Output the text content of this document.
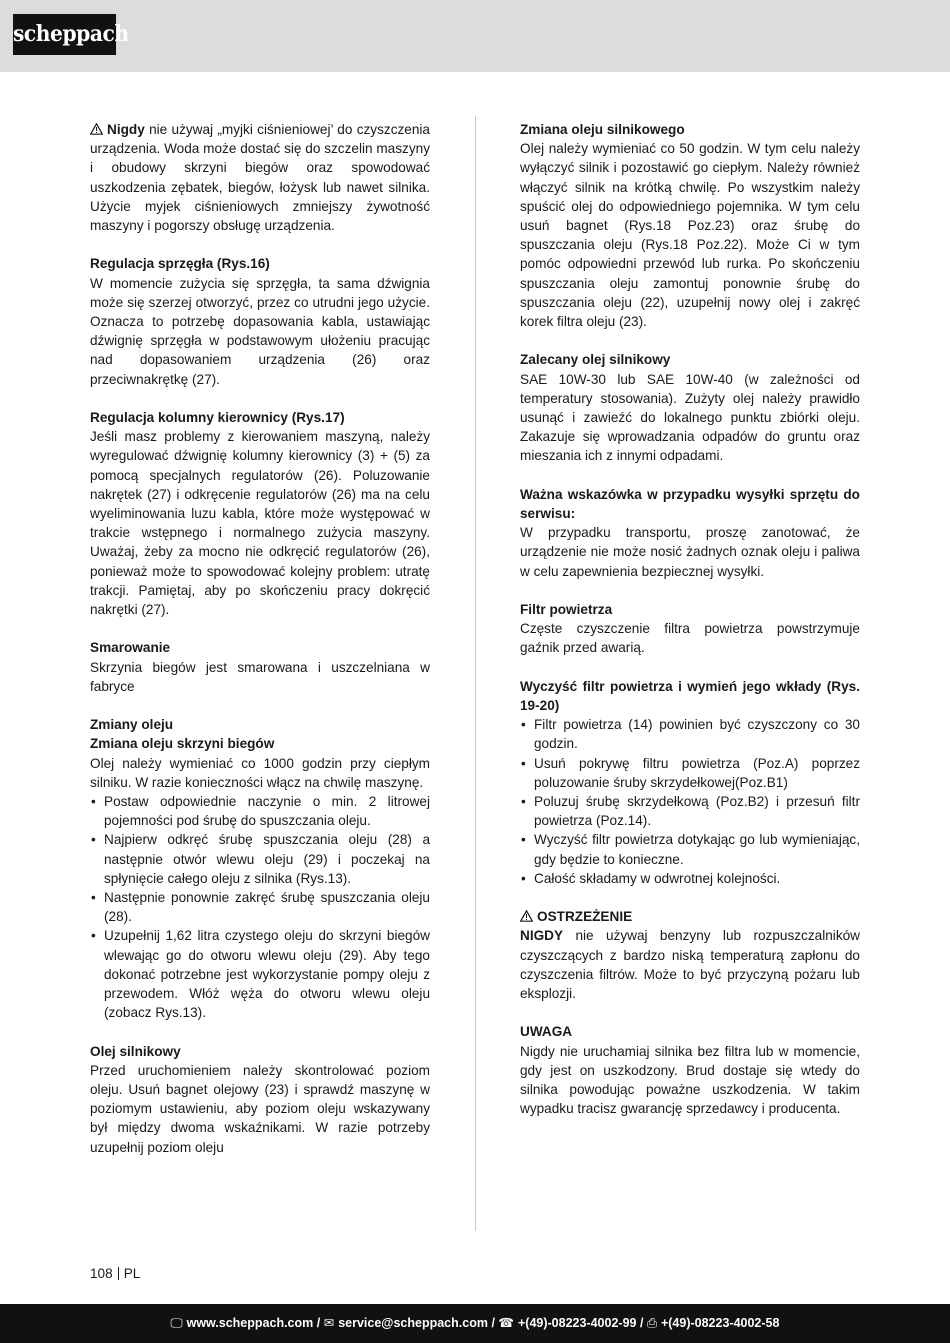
scheppach

Nigdy nie używaj „myjki ciśnieniowej’ do czyszczenia urządzenia. Woda może dostać się do szczelin maszyny i obudowy skrzyni biegów oraz spowodować uszkodzenia zębatek, biegów, łożysk lub nawet silnika. Użycie myjek ciśnieniowych zmniejszy żywotność maszyny i pogorszy obsługę urządzenia.

Regulacja sprzęgła (Rys.16)

W momencie zużycia się sprzęgła, ta sama dźwignia może się szerzej otworzyć, przez co utrudni jego użycie. Oznacza to potrzebę dopasowania kabla, ustawiając dźwignię sprzęgła w podstawowym ułożeniu pracując nad dopasowaniem urządzenia (26) oraz przeciwnakrętkę (27).

Regulacja kolumny kierownicy (Rys.17)

Jeśli masz problemy z kierowaniem maszyną, należy wyregulować dźwignię kolumny kierownicy (3) + (5) za pomocą specjalnych regulatorów (26). Poluzowanie nakrętek (27) i odkręcenie regulatorów (26) ma na celu wyeliminowania luzu kabla, które może występować w trakcie wstępnego i normalnego zużycia maszyny. Uważaj, żeby za mocno nie odkręcić regulatorów (26), ponieważ może to spowodować kolejny problem: utratę trakcji. Pamiętaj, aby po skończeniu pracy dokręcić nakrętki (27).

Smarowanie

Skrzynia biegów jest smarowana i uszczelniana w fabryce

Zmiany oleju

Zmiana oleju skrzyni biegów

Olej należy wymieniać co 1000 godzin przy ciepłym silniku. W razie konieczności włącz na chwilę maszynę.

• Postaw odpowiednie naczynie o min. 2 litrowej pojemności pod śrubę do spuszczania oleju.
• Najpierw odkręć śrubę spuszczania oleju (28) a następnie otwór wlewu oleju (29) i poczekaj na spłynięcie całego oleju z silnika (Rys.13).
• Następnie ponownie zakręć śrubę spuszczania oleju (28).
• Uzupełnij 1,62 litra czystego oleju do skrzyni biegów wlewając go do otworu wlewu oleju (29). Aby tego dokonać potrzebne jest wykorzystanie pompy oleju z przewodem. Włóż węża do otworu wlewu oleju (zobacz Rys.13).

Olej silnikowy

Przed uruchomieniem należy skontrolować poziom oleju. Usuń bagnet olejowy (23) i sprawdź maszynę w poziomym ustawieniu, aby poziom oleju wskazywany był między dwoma wskaźnikami. W razie potrzeby uzupełnij poziom oleju

Zmiana oleju silnikowego

Olej należy wymieniać co 50 godzin. W tym celu należy wyłączyć silnik i pozostawić go ciepłym. Należy również włączyć silnik na krótką chwilę. Po wszystkim należy spuścić olej do odpowiedniego pojemnika. W tym celu usuń bagnet (Rys.18 Poz.23) oraz śrubę do spuszczania oleju (Rys.18 Poz.22). Może Ci w tym pomóc odpowiedni przewód lub rurka. Po skończeniu spuszczania oleju zamontuj ponownie śrubę do spuszczania oleju (22), uzupełnij nowy olej i zakręć korek filtra oleju (23).

Zalecany olej silnikowy

SAE 10W-30 lub SAE 10W-40 (w zależności od temperatury stosowania). Zużyty olej należy prawidło usunąć i zawieźć do lokalnego punktu zbiórki oleju. Zakazuje się wprowadzania odpadów do gruntu oraz mieszania ich z innymi odpadami.

Ważna wskazówka w przypadku wysyłki sprzętu do serwisu:

W przypadku transportu, proszę zanotować, że urządzenie nie może nosić żadnych oznak oleju i paliwa w celu zapewnienia bezpiecznej wysyłki.

Filtr powietrza

Częste czyszczenie filtra powietrza powstrzymuje gaźnik przed awarią.

Wyczyść filtr powietrza i wymień jego wkłady (Rys. 19-20)

• Filtr powietrza (14) powinien być czyszczony co 30 godzin.
• Usuń pokrywę filtru powietrza (Poz.A) poprzez poluzowanie śruby skrzydełkowej(Poz.B1)
• Poluzuj śrubę skrzydełkową (Poz.B2) i przesuń filtr powietrza (Poz.14).
• Wyczyść filtr powietrza dotykając go lub wymieniając, gdy będzie to konieczne.
• Całość składamy w odwrotnej kolejności.

OSTRZEŻENIE

NIGDY nie używaj benzyny lub rozpuszczalników czyszczących z bardzo niską temperaturą zapłonu do czyszczenia filtrów. Może to być przyczyną pożaru lub eksplozji.

UWAGA

Nigdy nie uruchamiaj silnika bez filtra lub w momencie, gdy jest on uszkodzony. Brud dostaje się wtedy do silnika powodując poważne uszkodzenia. W takim wypadku tracisz gwarancję sprzedawcy i producenta.

108 PL
🖵 www.scheppach.com / ✉ service@scheppach.com / ☎ +(49)-08223-4002-99 / ⎙ +(49)-08223-4002-58
